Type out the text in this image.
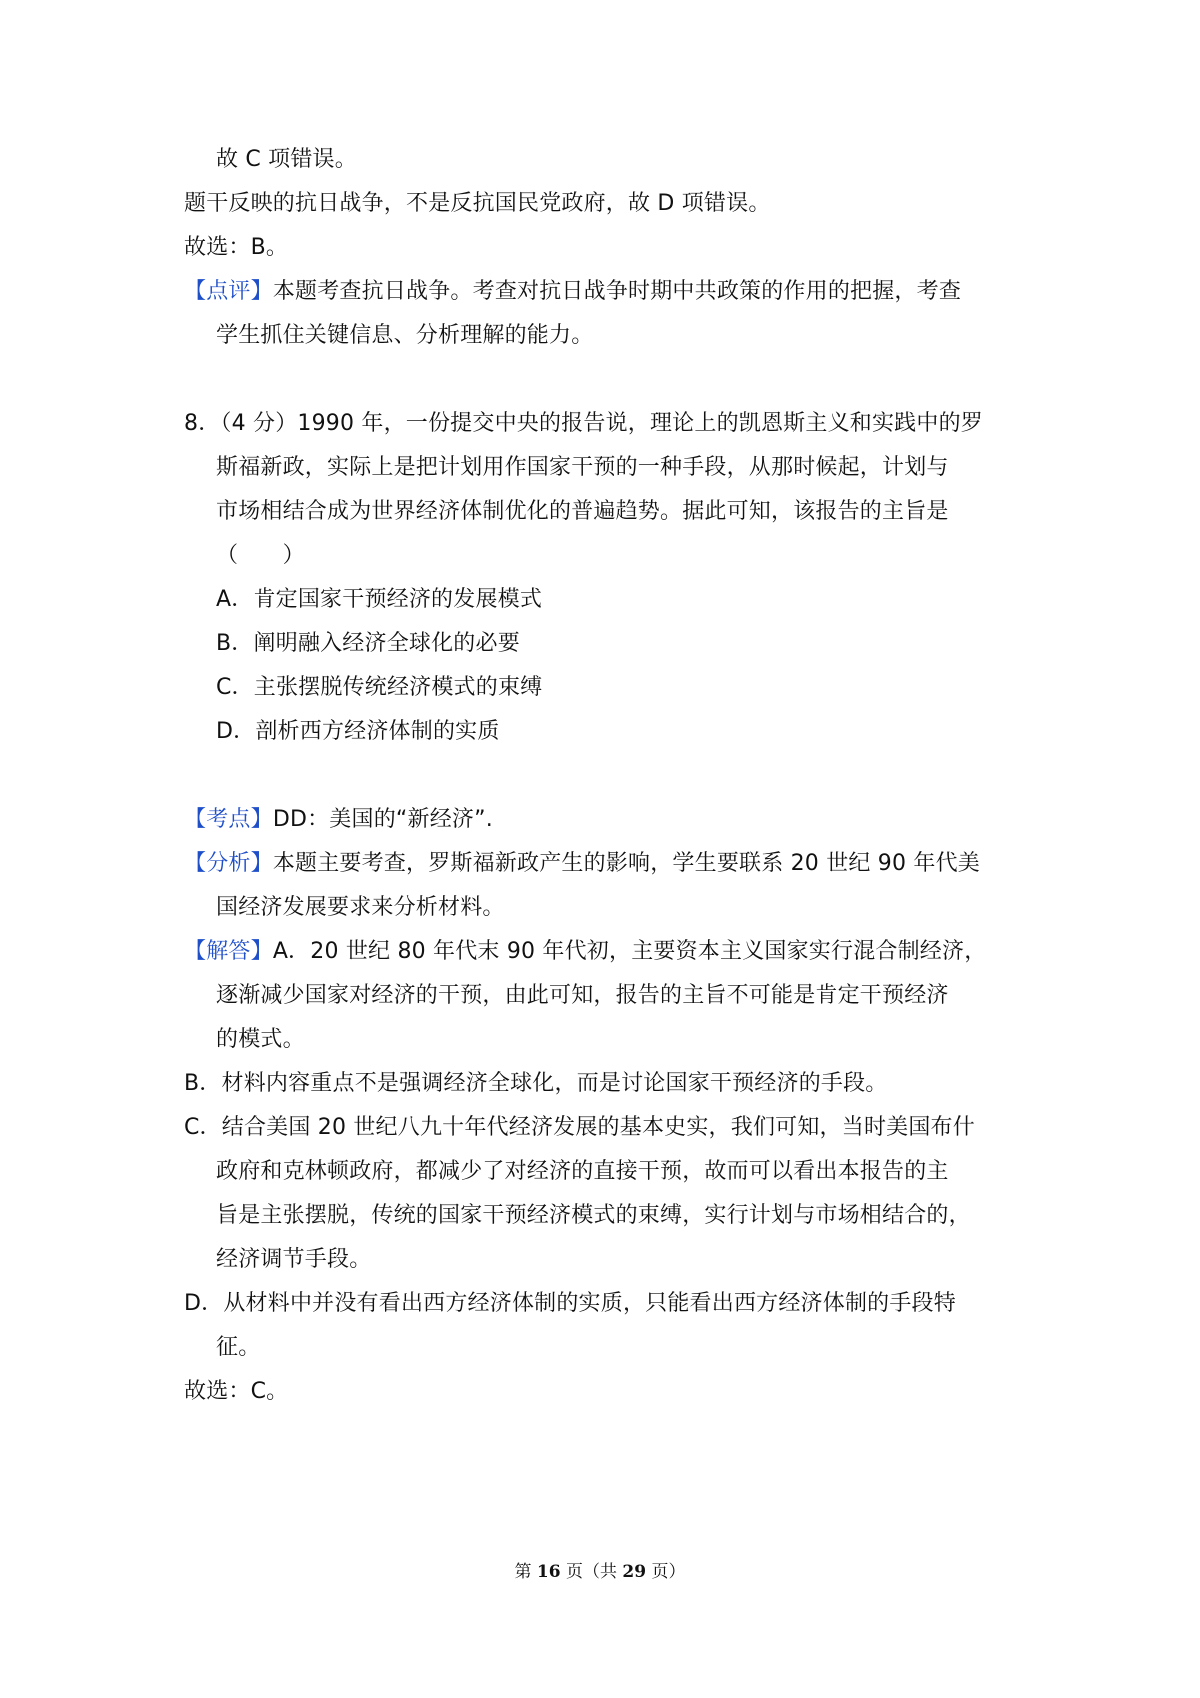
故 C 项错误。
题干反映的抗日战争，不是反抗国民党政府，故 D 项错误。
故选：B。
【点评】本题考查抗日战争。考查对抗日战争时期中共政策的作用的把握，考查
学生抓住关键信息、分析理解的能力。
8．（4 分）1990 年，一份提交中央的报告说，理论上的凯恩斯主义和实践中的罗
斯福新政，实际上是把计划用作国家干预的一种手段，从那时候起，计划与
市场相结合成为世界经济体制优化的普遍趋势。据此可知，该报告的主旨是
（　　）
A．肯定国家干预经济的发展模式
B．阐明融入经济全球化的必要
C．主张摆脱传统经济模式的束缚
D．剖析西方经济体制的实质
【考点】DD：美国的“新经济”.
【分析】本题主要考查，罗斯福新政产生的影响，学生要联系 20 世纪 90 年代美
国经济发展要求来分析材料。
【解答】A．20 世纪 80 年代末 90 年代初，主要资本主义国家实行混合制经济，
逐渐减少国家对经济的干预，由此可知，报告的主旨不可能是肯定干预经济
的模式。
B．材料内容重点不是强调经济全球化，而是讨论国家干预经济的手段。
C．结合美国 20 世纪八九十年代经济发展的基本史实，我们可知，当时美国布什
政府和克林顿政府，都减少了对经济的直接干预，故而可以看出本报告的主
旨是主张摆脱，传统的国家干预经济模式的束缚，实行计划与市场相结合的，
经济调节手段。
D．从材料中并没有看出西方经济体制的实质，只能看出西方经济体制的手段特
征。
故选：C。
第 16 页（共 29 页）
